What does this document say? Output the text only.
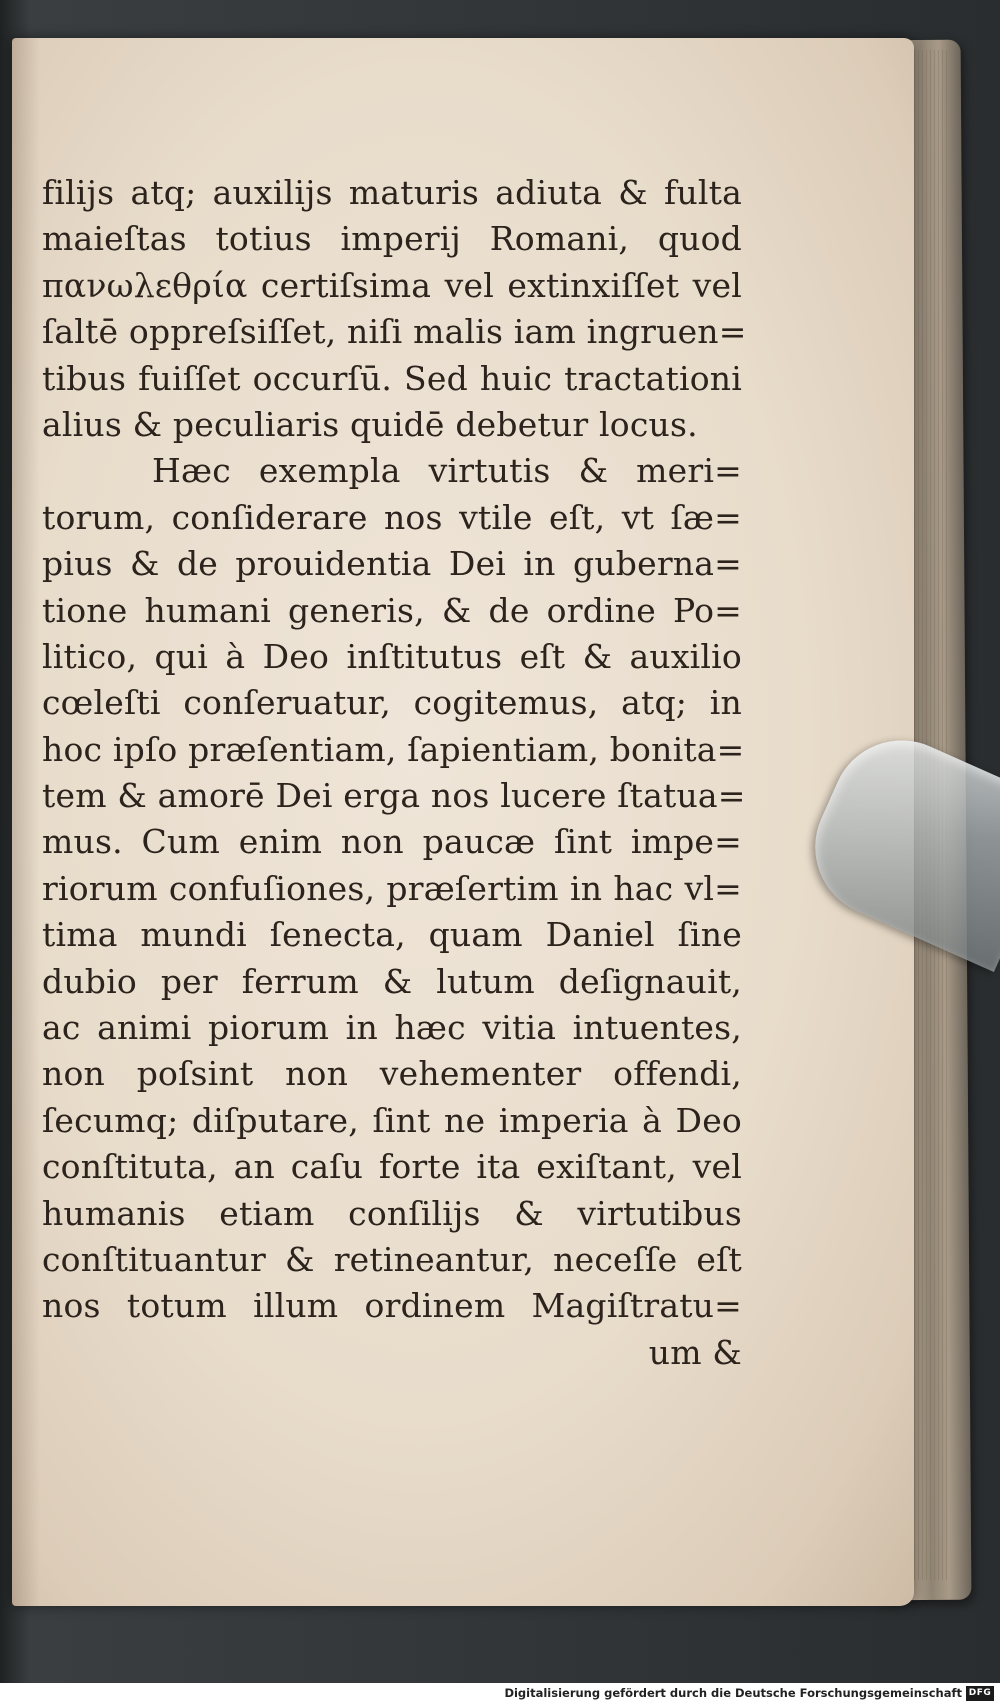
filijs atq; auxilijs maturis adiuta & fulta
maieſtas totius imperij Romani, quod
πανωλεθρία certiſsima vel extinxiſſet vel
ſaltē oppreſsiſſet, niſi malis iam ingruen=
tibus fuiſſet occurſū. Sed huic tractationi
alius & peculiaris quidē debetur locus.
Hæc exempla virtutis & meri=
torum, conſiderare nos vtile eſt, vt ſæ=
pius & de prouidentia Dei in guberna=
tione humani generis, & de ordine Po=
litico, qui à Deo inſtitutus eſt & auxilio
cœleſti conſeruatur, cogitemus, atq; in
hoc ipſo præſentiam, ſapientiam, bonita=
tem & amorē Dei erga nos lucere ſtatua=
mus. Cum enim non paucæ ſint impe=
riorum confuſiones, præſertim in hac vl=
tima mundi ſenecta, quam Daniel ſine
dubio per ferrum & lutum deſignauit,
ac animi piorum in hæc vitia intuentes,
non poſsint non vehementer offendi,
ſecumq; diſputare, ſint ne imperia à Deo
conſtituta, an caſu forte ita exiſtant, vel
humanis etiam conſilijs & virtutibus
conſtituantur & retineantur, neceſſe eſt
nos totum illum ordinem Magiſtratu=
um &
Digitalisierung gefördert durch die Deutsche Forschungsgemeinschaft DFG
